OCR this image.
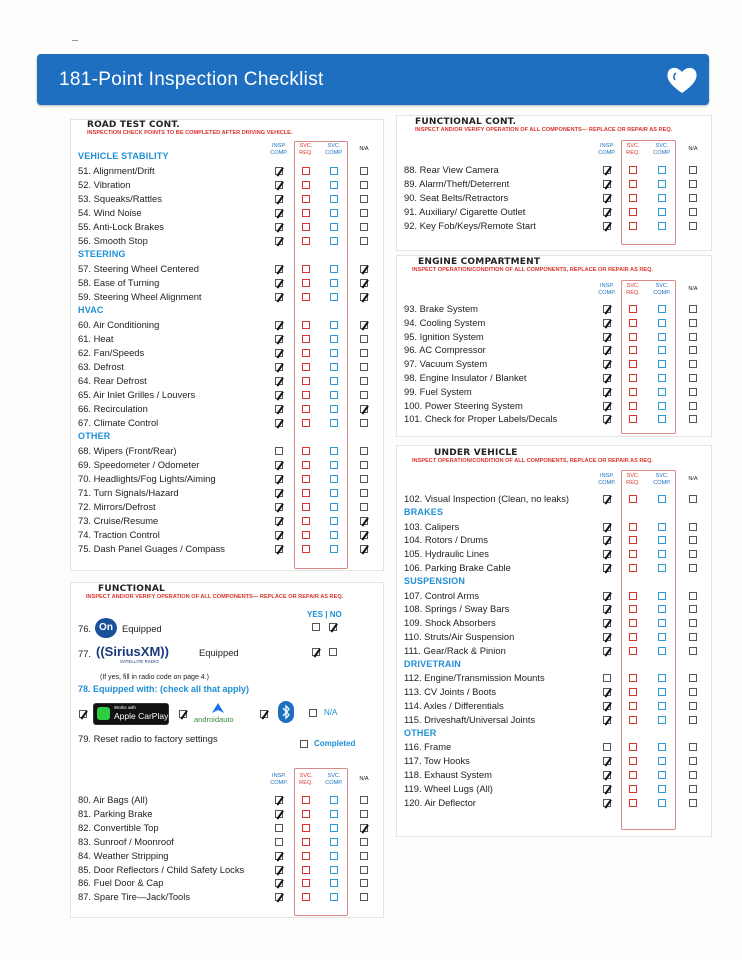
181-Point Inspection Checklist
ROAD TEST CONT.
INSPECTION CHECK POINTS TO BE COMPLETED AFTER DRIVING VEHICLE.
FUNCTIONAL CONT.
INSPECT AND/OR VERIFY OPERATION OF ALL COMPONENTS— REPLACE OR REPAIR AS REQ.
ENGINE COMPARTMENT
INSPECT OPERATION/CONDITION OF ALL COMPONENTS, REPLACE OR REPAIR AS REQ.
UNDER VEHICLE
INSPECT OPERATION/CONDITION OF ALL COMPONENTS, REPLACE OR REPAIR AS REQ.
FUNCTIONAL
INSPECT AND/OR VERIFY OPERATION OF ALL COMPONENTS— REPLACE OR REPAIR AS REQ.
INSP.
COMP.
SVC.
REQ.
SVC.
COMP.
N/A
VEHICLE STABILITY
51. Alignment/Drift
52. Vibration
53. Squeaks/Rattles
54. Wind Noise
55. Anti-Lock Brakes
56. Smooth Stop
STEERING
57. Steering Wheel Centered
58. Ease of Turning
59. Steering Wheel Alignment
HVAC
60. Air Conditioning
61. Heat
62. Fan/Speeds
63. Defrost
64. Rear Defrost
65. Air Inlet Grilles / Louvers
66. Recirculation
67. Climate Control
OTHER
68. Wipers (Front/Rear)
69. Speedometer / Odometer
70. Headlights/Fog Lights/Aiming
71. Turn Signals/Hazard
72. Mirrors/Defrost
73. Cruise/Resume
74. Traction Control
75. Dash Panel Guages / Compass
INSP.
COMP.
SVC.
REQ.
SVC.
COMP.
N/A
88. Rear View Camera
89. Alarm/Theft/Deterrent
90. Seat Belts/Retractors
91. Auxiliary/ Cigarette Outlet
92. Key Fob/Keys/Remote Start
INSP.
COMP.
SVC.
REQ.
SVC.
COMP.
N/A
93. Brake System
94. Cooling System
95. Ignition System
96. AC Compressor
97. Vacuum System
98. Engine Insulator / Blanket
99. Fuel System
100. Power Steering System
101. Check for Proper Labels/Decals
INSP.
COMP.
SVC.
REQ.
SVC.
COMP.
N/A
102. Visual Inspection (Clean, no leaks)
BRAKES
103. Calipers
104. Rotors / Drums
105. Hydraulic Lines
106. Parking Brake Cable
SUSPENSION
107. Control Arms
108. Springs / Sway Bars
109. Shock Absorbers
110. Struts/Air Suspension
111. Gear/Rack & Pinion
DRIVETRAIN
112. Engine/Transmission Mounts
113. CV Joints / Boots
114. Axles / Differentials
115. Driveshaft/Universal Joints
OTHER
116. Frame
117. Tow Hooks
118. Exhaust System
119. Wheel Lugs (All)
120. Air Deflector
INSP.
COMP.
SVC.
REQ.
SVC.
COMP.
N/A
80. Air Bags (All)
81. Parking Brake
82. Convertible Top
83. Sunroof / Moonroof
84. Weather Stripping
85. Door Reflectors / Child Safety Locks
86. Fuel Door & Cap
87. Spare Tire—Jack/Tools
YES | NO
76. On Equipped
77. ((SiriusXM))
SATELLITE RADIO
Equipped
(If yes, fill in radio code on page 4.)
78. Equipped with: (check all that apply)
Works with
Apple CarPlay	androidauto
N/A
79. Reset radio to factory settings	Completed
